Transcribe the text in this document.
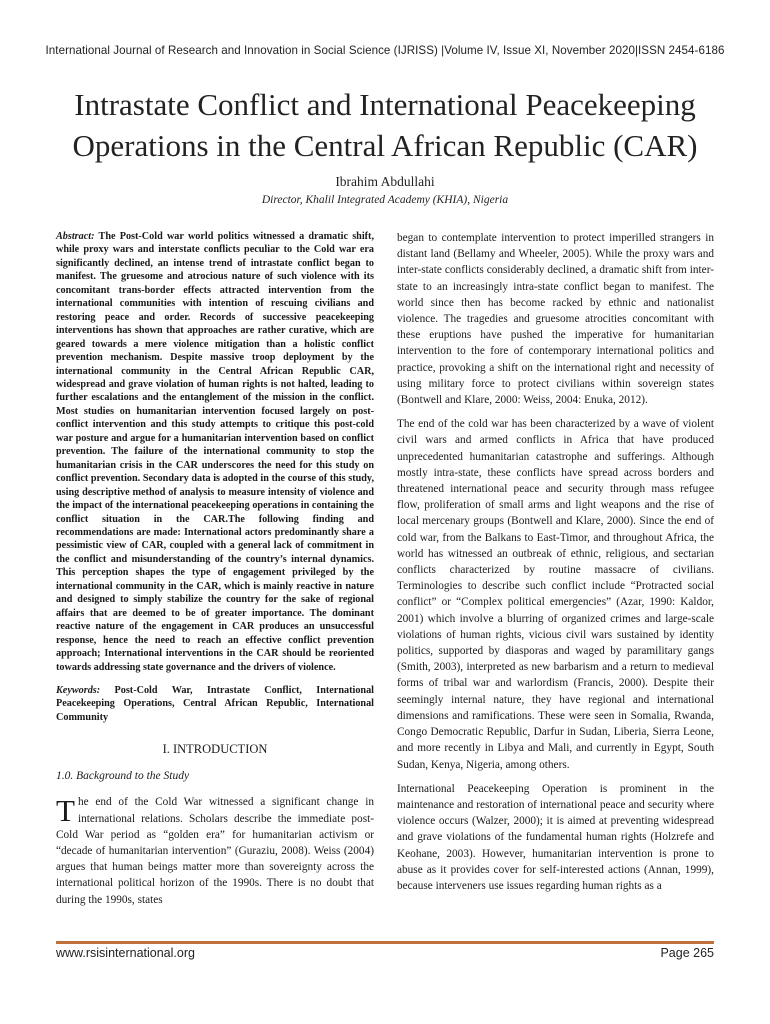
International Journal of Research and Innovation in Social Science (IJRISS) |Volume IV, Issue XI, November 2020|ISSN 2454-6186
Intrastate Conflict and International Peacekeeping Operations in the Central African Republic (CAR)
Ibrahim Abdullahi
Director, Khalil Integrated Academy (KHIA), Nigeria

Abstract: The Post-Cold war world politics witnessed a dramatic shift, while proxy wars and interstate conflicts peculiar to the Cold war era significantly declined, an intense trend of intrastate conflict began to manifest. The gruesome and atrocious nature of such violence with its concomitant trans-border effects attracted intervention from the international communities with intention of rescuing civilians and restoring peace and order. Records of successive peacekeeping interventions has shown that approaches are rather curative, which are geared towards a mere violence mitigation than a holistic conflict prevention mechanism. Despite massive troop deployment by the international community in the Central African Republic CAR, widespread and grave violation of human rights is not halted, leading to further escalations and the entanglement of the mission in the conflict. Most studies on humanitarian intervention focused largely on post-conflict intervention and this study attempts to critique this post-cold war posture and argue for a humanitarian intervention based on conflict prevention. The failure of the international community to stop the humanitarian crisis in the CAR underscores the need for this study on conflict prevention. Secondary data is adopted in the course of this study, using descriptive method of analysis to measure intensity of violence and the impact of the international peacekeeping operations in containing the conflict situation in the CAR.The following finding and recommendations are made: International actors predominantly share a pessimistic view of CAR, coupled with a general lack of commitment in the conflict and misunderstanding of the country’s internal dynamics. This perception shapes the type of engagement privileged by the international community in the CAR, which is mainly reactive in nature and designed to simply stabilize the country for the sake of regional affairs that are deemed to be of greater importance. The dominant reactive nature of the engagement in CAR produces an unsuccessful response, hence the need to reach an effective conflict prevention approach; International interventions in the CAR should be reoriented towards addressing state governance and the drivers of violence.

Keywords: Post-Cold War, Intrastate Conflict, International Peacekeeping Operations, Central African Republic, International Community

I. INTRODUCTION
1.0. Background to the Study

The end of the Cold War witnessed a significant change in international relations. Scholars describe the immediate post-Cold War period as “golden era” for humanitarian activism or “decade of humanitarian intervention” (Guraziu, 2008). Weiss (2004) argues that human beings matter more than sovereignty across the international political horizon of the 1990s. There is no doubt that during the 1990s, states

began to contemplate intervention to protect imperilled strangers in distant land (Bellamy and Wheeler, 2005). While the proxy wars and inter-state conflicts considerably declined, a dramatic shift from inter-state to an increasingly intra-state conflict began to manifest. The world since then has become racked by ethnic and nationalist violence. The tragedies and gruesome atrocities concomitant with these eruptions have pushed the imperative for humanitarian intervention to the fore of contemporary international politics and practice, provoking a shift on the international right and necessity of using military force to protect civilians within sovereign states (Bontwell and Klare, 2000: Weiss, 2004: Enuka, 2012).

The end of the cold war has been characterized by a wave of violent civil wars and armed conflicts in Africa that have produced unprecedented humanitarian catastrophe and sufferings. Although mostly intra-state, these conflicts have spread across borders and threatened international peace and security through mass refugee flow, proliferation of small arms and light weapons and the rise of local mercenary groups (Bontwell and Klare, 2000). Since the end of cold war, from the Balkans to East-Timor, and throughout Africa, the world has witnessed an outbreak of ethnic, religious, and sectarian conflicts characterized by routine massacre of civilians. Terminologies to describe such conflict include “Protracted social conflict” or “Complex political emergencies” (Azar, 1990: Kaldor, 2001) which involve a blurring of organized crimes and large-scale violations of human rights, vicious civil wars sustained by identity politics, supported by diasporas and waged by paramilitary gangs (Smith, 2003), interpreted as new barbarism and a return to medieval forms of tribal war and warlordism (Francis, 2000). Despite their seemingly internal nature, they have regional and international dimensions and ramifications. These were seen in Somalia, Rwanda, Congo Democratic Republic, Darfur in Sudan, Liberia, Sierra Leone, and more recently in Libya and Mali, and currently in Egypt, South Sudan, Kenya, Nigeria, among others.

International Peacekeeping Operation is prominent in the maintenance and restoration of international peace and security where violence occurs (Walzer, 2000); it is aimed at preventing widespread and grave violations of the fundamental human rights (Holzrefe and Keohane, 2003). However, humanitarian intervention is prone to abuse as it provides cover for self-interested actions (Annan, 1999), because interveners use issues regarding human rights as a

www.rsisinternational.org	Page 265
